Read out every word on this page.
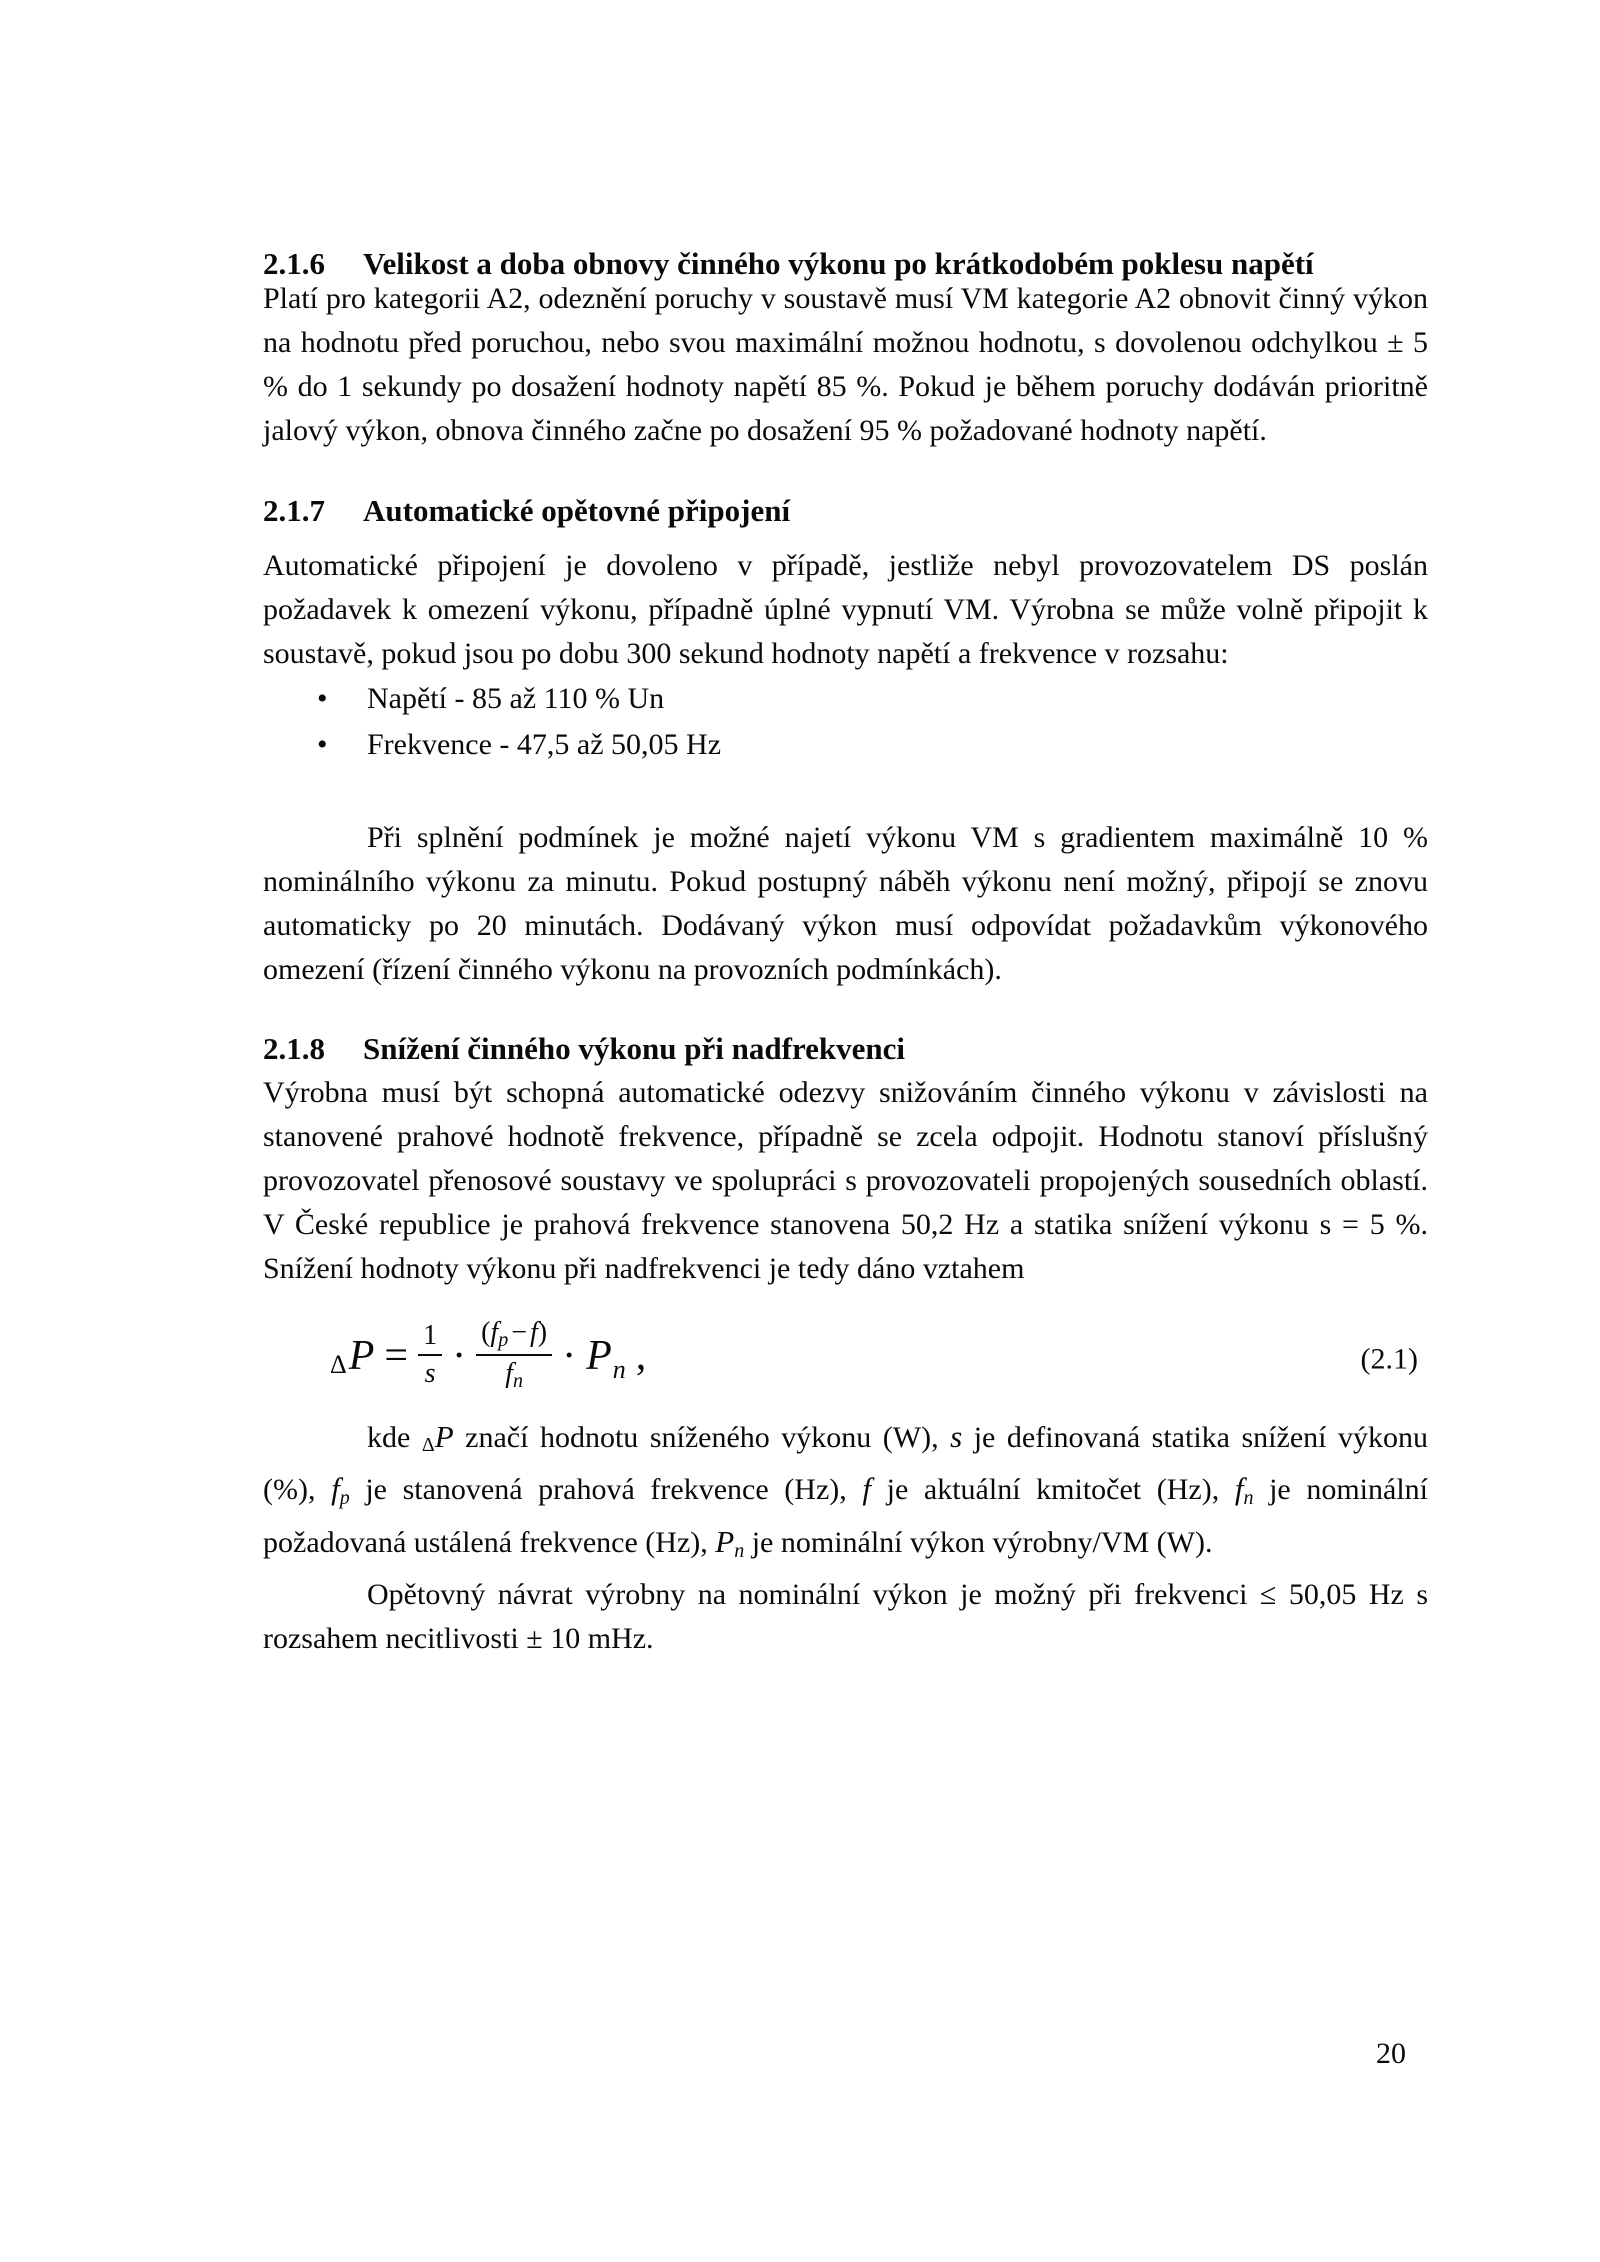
2.1.6 Velikost a doba obnovy činného výkonu po krátkodobém poklesu napětí

Platí pro kategorii A2, odeznění poruchy v soustavě musí VM kategorie A2 obnovit činný výkon na hodnotu před poruchou, nebo svou maximální možnou hodnotu, s dovolenou odchylkou ± 5 % do 1 sekundy po dosažení hodnoty napětí 85 %. Pokud je během poruchy dodáván prioritně jalový výkon, obnova činného začne po dosažení 95 % požadované hodnoty napětí.

2.1.7 Automatické opětovné připojení

Automatické připojení je dovoleno v případě, jestliže nebyl provozovatelem DS poslán požadavek k omezení výkonu, případně úplné vypnutí VM. Výrobna se může volně připojit k soustavě, pokud jsou po dobu 300 sekund hodnoty napětí a frekvence v rozsahu:

• Napětí - 85 až 110 % Un
• Frekvence - 47,5 až 50,05 Hz

Při splnění podmínek je možné najetí výkonu VM s gradientem maximálně 10 % nominálního výkonu za minutu. Pokud postupný náběh výkonu není možný, připojí se znovu automaticky po 20 minutách. Dodávaný výkon musí odpovídat požadavkům výkonového omezení (řízení činného výkonu na provozních podmínkách).

2.1.8 Snížení činného výkonu při nadfrekvenci

Výrobna musí být schopná automatické odezvy snižováním činného výkonu v závislosti na stanovené prahové hodnotě frekvence, případně se zcela odpojit. Hodnotu stanoví příslušný provozovatel přenosové soustavy ve spolupráci s provozovateli propojených sousedních oblastí. V České republice je prahová frekvence stanovena 50,2 Hz a statika snížení výkonu s = 5 %. Snížení hodnoty výkonu při nadfrekvenci je tedy dáno vztahem

$\Delta P = \frac{1}{s} \cdot \frac{(fp - f)}{fn} \cdot P_n$ ,	(2.1)

kde ΔP značí hodnotu sníženého výkonu (W), s je definovaná statika snížení výkonu (%), fp je stanovená prahová frekvence (Hz), f je aktuální kmitočet (Hz), fn je nominální požadovaná ustálená frekvence (Hz), Pn je nominální výkon výrobny/VM (W).

Opětovný návrat výrobny na nominální výkon je možný při frekvenci ≤ 50,05 Hz s rozsahem necitlivosti ± 10 mHz.

20
